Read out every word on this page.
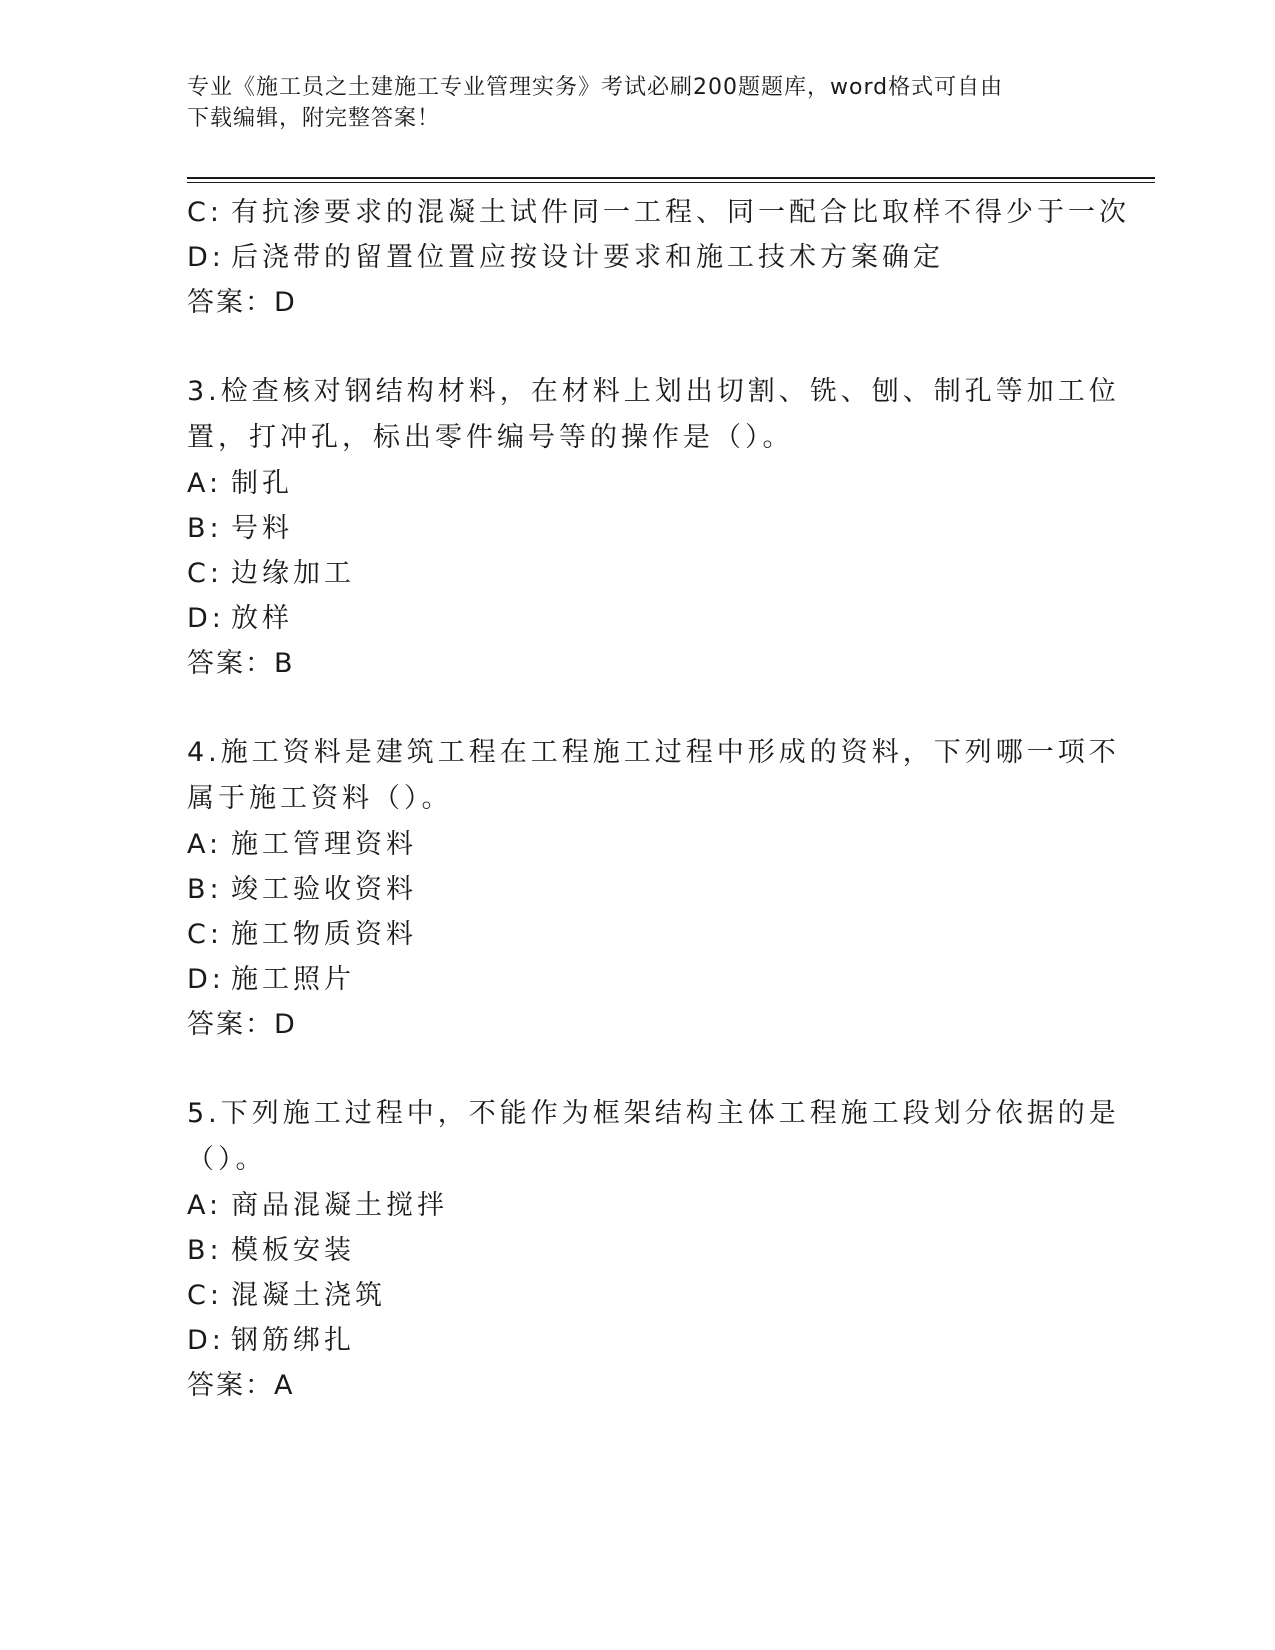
专业《施工员之土建施工专业管理实务》考试必刷200题题库，word格式可自由
下载编辑，附完整答案！
C: 有抗渗要求的混凝土试件同一工程、同一配合比取样不得少于一次
D: 后浇带的留置位置应按设计要求和施工技术方案确定
答案：D
3.检查核对钢结构材料，在材料上划出切割、铣、刨、制孔等加工位
置，打冲孔，标出零件编号等的操作是（）。
A: 制孔
B: 号料
C: 边缘加工
D: 放样
答案：B
4.施工资料是建筑工程在工程施工过程中形成的资料，下列哪一项不
属于施工资料（）。
A: 施工管理资料
B: 竣工验收资料
C: 施工物质资料
D: 施工照片
答案：D
5.下列施工过程中，不能作为框架结构主体工程施工段划分依据的是
（）。
A: 商品混凝土搅拌
B: 模板安装
C: 混凝土浇筑
D: 钢筋绑扎
答案：A
